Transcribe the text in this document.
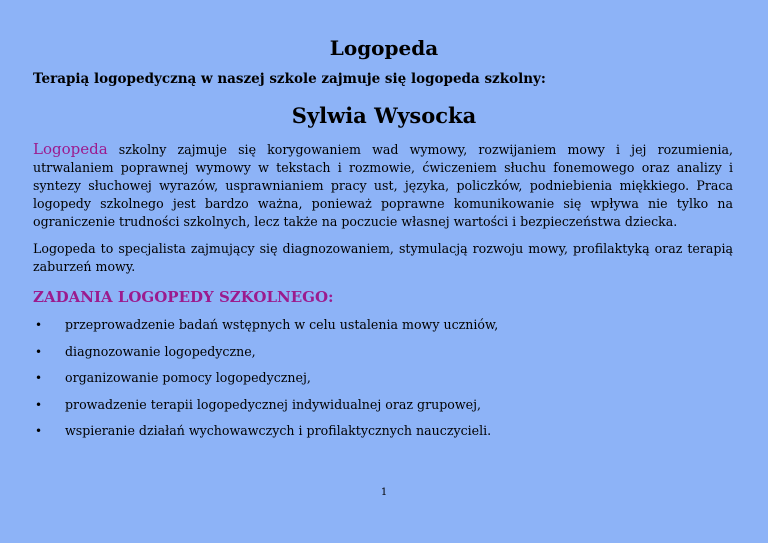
Logopeda
Terapią logopedyczną w naszej szkole zajmuje się logopeda szkolny:
Sylwia Wysocka

Logopeda szkolny zajmuje się korygowaniem wad wymowy, rozwijaniem mowy i jej rozumienia, utrwalaniem poprawnej wymowy w tekstach i rozmowie, ćwiczeniem słuchu fonemowego oraz analizy i syntezy słuchowej wyrazów, usprawnianiem pracy ust, języka, policzków, podniebienia miękkiego. Praca logopedy szkolnego jest bardzo ważna, ponieważ poprawne komunikowanie się wpływa nie tylko na ograniczenie trudności szkolnych, lecz także na poczucie własnej wartości i bezpieczeństwa dziecka.

Logopeda to specjalista zajmujący się diagnozowaniem, stymulacją rozwoju mowy, profilaktyką oraz terapią zaburzeń mowy.

ZADANIA LOGOPEDY SZKOLNEGO:
• przeprowadzenie badań wstępnych w celu ustalenia mowy uczniów,
• diagnozowanie logopedyczne,
• organizowanie pomocy logopedycznej,
• prowadzenie terapii logopedycznej indywidualnej oraz grupowej,
• wspieranie działań wychowawczych i profilaktycznych nauczycieli.
1
